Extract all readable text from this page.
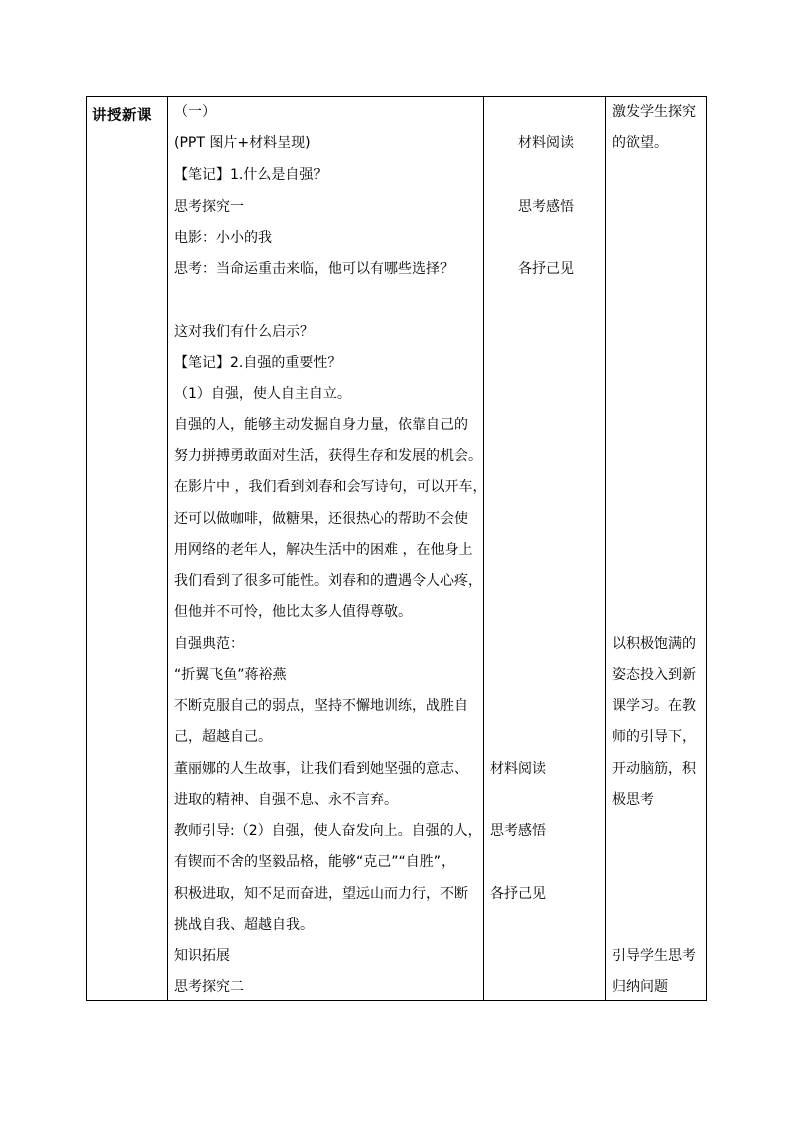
讲授新课 （一）
(PPT 图片+材料呈现)
【笔记】1.什么是自强？
思考探究一
电影：小小的我
思考：当命运重击来临，他可以有哪些选择？
这对我们有什么启示？
【笔记】2.自强的重要性？
（1）自强，使人自主自立。
自强的人，能够主动发掘自身力量，依靠自己的
努力拼搏勇敢面对生活，获得生存和发展的机会。
在影片中 ，我们看到刘春和会写诗句，可以开车，
还可以做咖啡，做糖果，还很热心的帮助不会使
用网络的老年人，解决生活中的困难 ，在他身上
我们看到了很多可能性。刘春和的遭遇令人心疼，
但他并不可怜，他比太多人值得尊敬。
自强典范：
“折翼飞鱼”蒋裕燕
不断克服自己的弱点，坚持不懈地训练，战胜自
己，超越自己。
董丽娜的人生故事，让我们看到她坚强的意志、
进取的精神、自强不息、永不言弃。
教师引导:（2）自强，使人奋发向上。自强的人，
有锲而不舍的坚毅品格，能够“克己”“自胜”，
积极进取，知不足而奋进，望远山而力行，不断
挑战自我、超越自我。
知识拓展
思考探究二
材料阅读
思考感悟
各抒己见
材料阅读
思考感悟
各抒己见
激发学生探究
的欲望。
以积极饱满的
姿态投入到新
课学习。在教
师的引导下，
开动脑筋，积
极思考
引导学生思考
归纳问题
